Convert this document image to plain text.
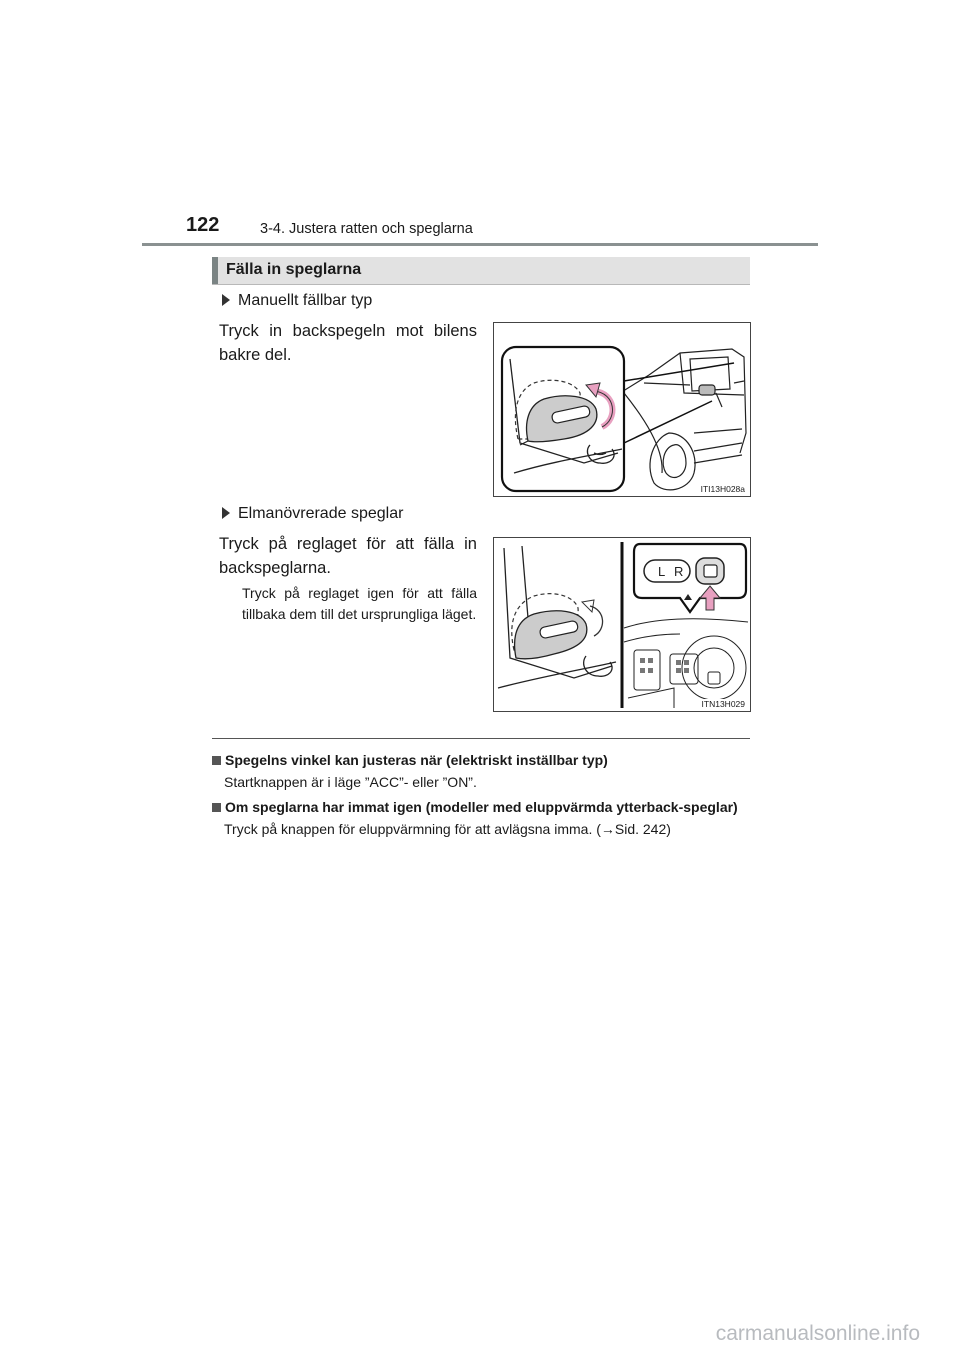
122	3-4. Justera ratten och speglarna
Fälla in speglarna
Manuellt fällbar typ
Tryck in backspegeln mot bilens bakre del.
ITI13H028a
Elmanövrerade speglar
Tryck på reglaget för att fälla in backspeglarna.
Tryck på reglaget igen för att fälla tillbaka dem till det ursprungliga läget.
L R
ITN13H029
Spegelns vinkel kan justeras när (elektriskt inställbar typ)
Startknappen är i läge ”ACC”- eller ”ON”.
Om speglarna har immat igen (modeller med eluppvärmda ytterback-speglar)
Tryck på knappen för eluppvärmning för att avlägsna imma. (→Sid. 242)
carmanualsonline.info
